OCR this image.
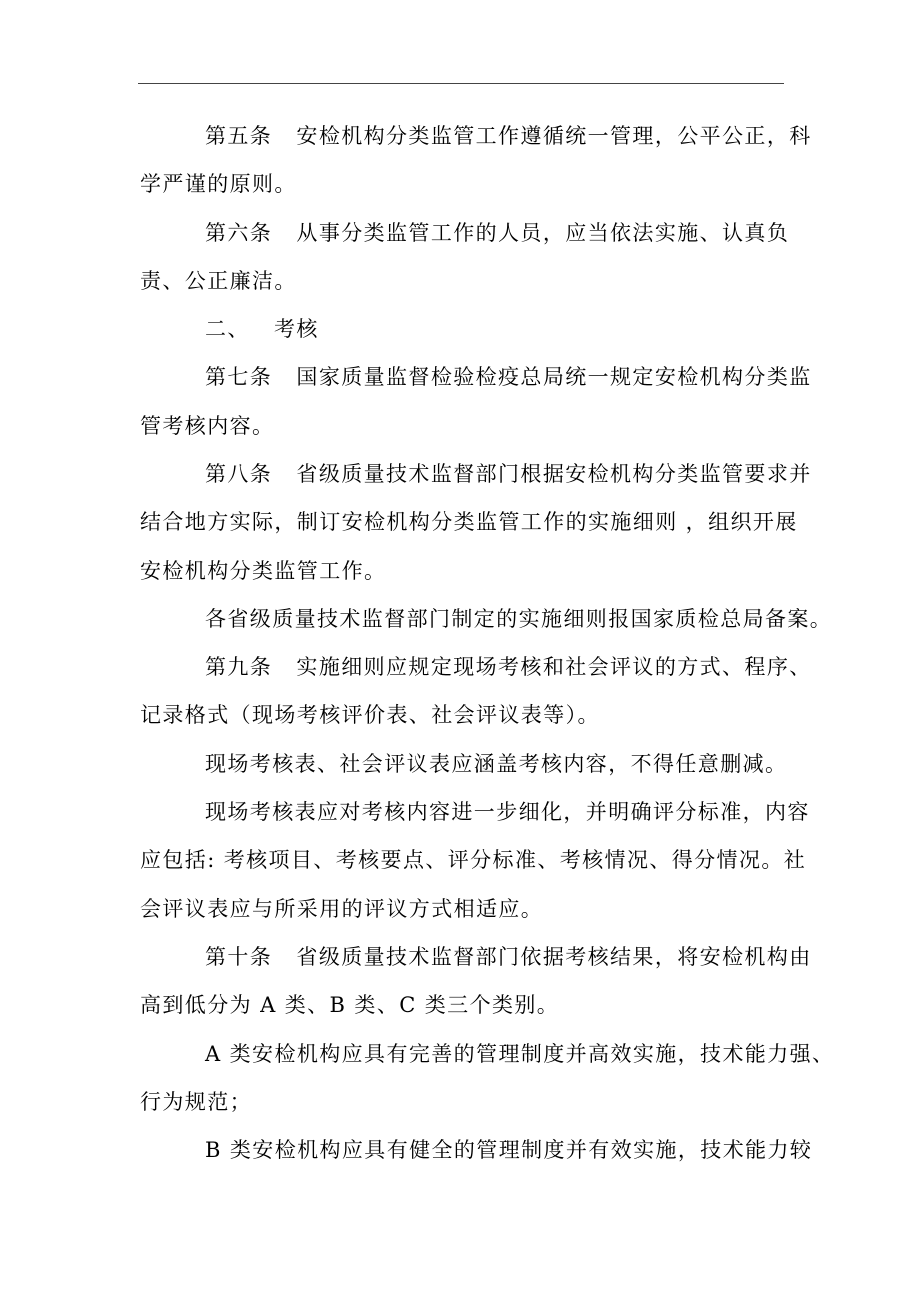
第五条   安检机构分类监管工作遵循统一管理，公平公正，科
学严谨的原则。
第六条   从事分类监管工作的人员，应当依法实施、认真负
责、公正廉洁。
二、   考核
第七条   国家质量监督检验检疫总局统一规定安检机构分类监
管考核内容。
第八条   省级质量技术监督部门根据安检机构分类监管要求并
结合地方实际，制订安检机构分类监管工作的实施细则 ，组织开展
安检机构分类监管工作。
各省级质量技术监督部门制定的实施细则报国家质检总局备案。
第九条   实施细则应规定现场考核和社会评议的方式、程序、
记录格式（现场考核评价表、社会评议表等）。
现场考核表、社会评议表应涵盖考核内容，不得任意删减。
现场考核表应对考核内容进一步细化，并明确评分标准，内容
应包括: 考核项目、考核要点、评分标准、考核情况、得分情况。社
会评议表应与所采用的评议方式相适应。
第十条   省级质量技术监督部门依据考核结果，将安检机构由
高到低分为 A 类、B 类、C 类三个类别。
A 类安检机构应具有完善的管理制度并高效实施，技术能力强、
行为规范；
B 类安检机构应具有健全的管理制度并有效实施，技术能力较
